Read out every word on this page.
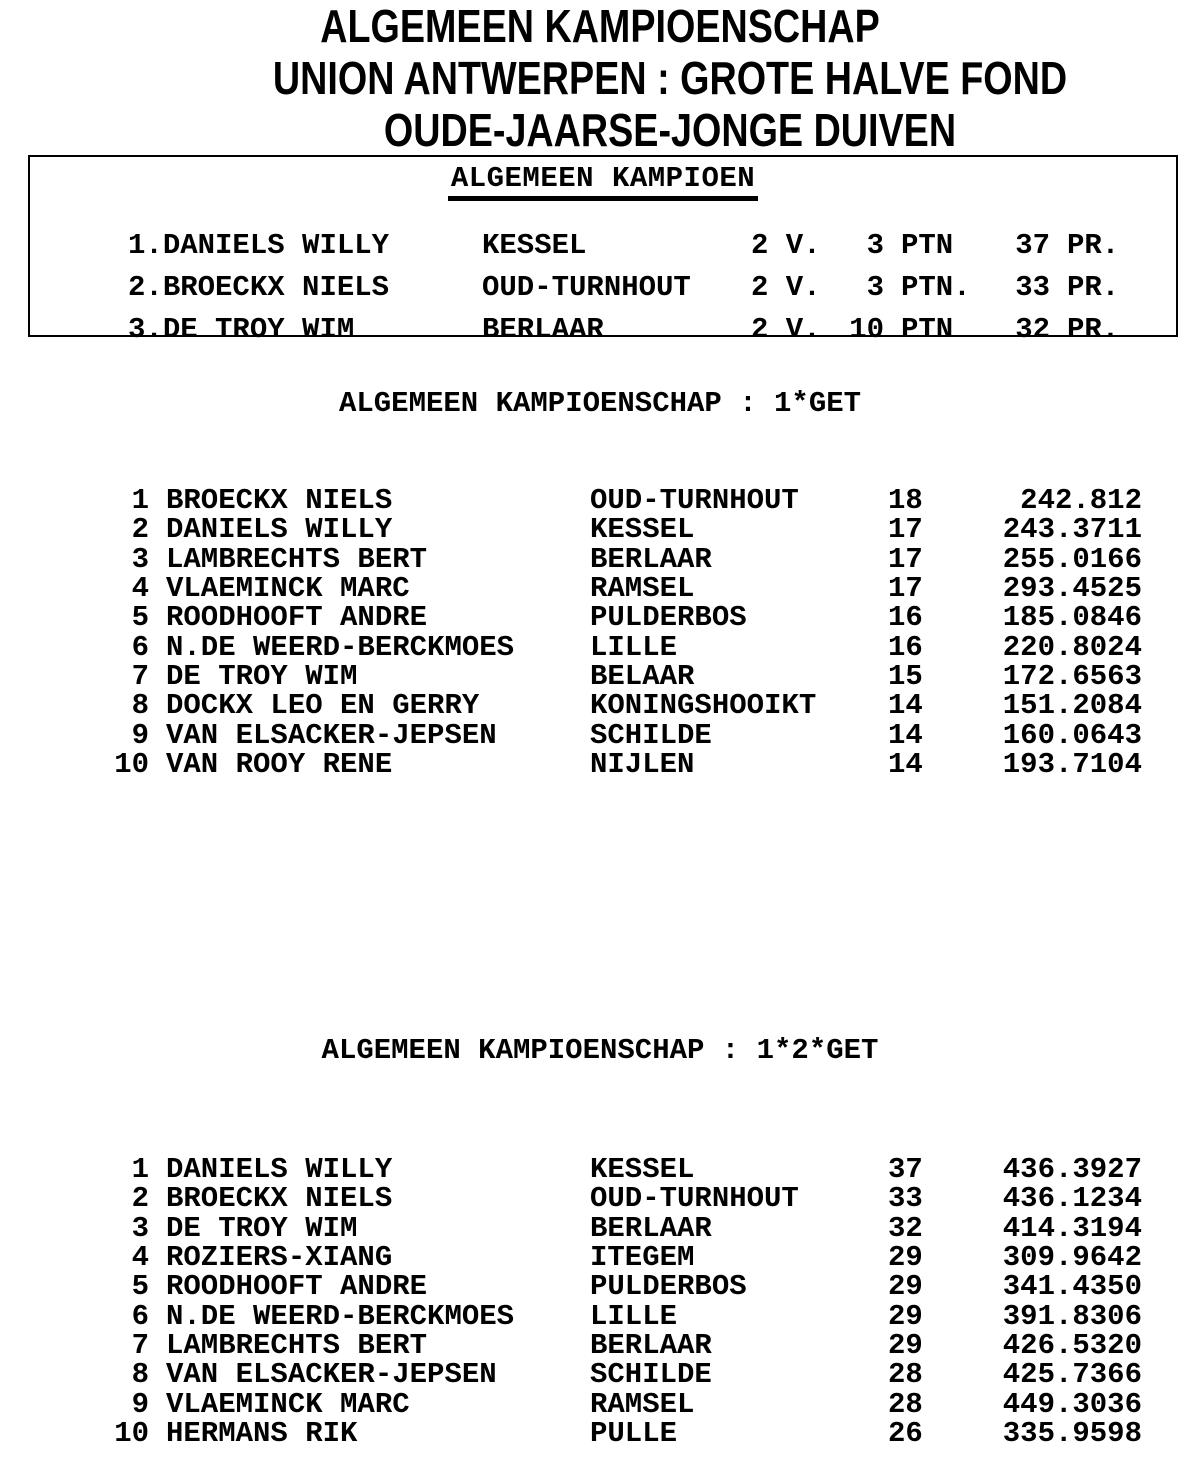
ALGEMEEN KAMPIOENSCHAP
UNION ANTWERPEN : GROTE HALVE FOND
OUDE-JAARSE-JONGE DUIVEN
ALGEMEEN KAMPIOEN
1.DANIELS WILLY	KESSEL	2 V.	3 PTN	37 PR.
2.BROECKX NIELS	OUD-TURNHOUT	2 V.	3 PTN.	33 PR.
3.DE TROY WIM	BERLAAR	2 V. 10 PTN	32 PR.
ALGEMEEN KAMPIOENSCHAP : 1*GET
1 BROECKX NIELS	OUD-TURNHOUT	18	242.812
2 DANIELS WILLY	KESSEL	17	243.3711
3 LAMBRECHTS BERT	BERLAAR	17	255.0166
4 VLAEMINCK MARC	RAMSEL	17	293.4525
5 ROODHOOFT ANDRE	PULDERBOS	16	185.0846
6 N.DE WEERD-BERCKMOES	LILLE	16	220.8024
7 DE TROY WIM	BELAAR	15	172.6563
8 DOCKX LEO EN GERRY	KONINGSHOOIKT	14	151.2084
9 VAN ELSACKER-JEPSEN	SCHILDE	14	160.0643
10 VAN ROOY RENE	NIJLEN	14	193.7104
ALGEMEEN KAMPIOENSCHAP : 1*2*GET
1 DANIELS WILLY	KESSEL	37	436.3927
2 BROECKX NIELS	OUD-TURNHOUT	33	436.1234
3 DE TROY WIM	BERLAAR	32	414.3194
4 ROZIERS-XIANG	ITEGEM	29	309.9642
5 ROODHOOFT ANDRE	PULDERBOS	29	341.4350
6 N.DE WEERD-BERCKMOES	LILLE	29	391.8306
7 LAMBRECHTS BERT	BERLAAR	29	426.5320
8 VAN ELSACKER-JEPSEN	SCHILDE	28	425.7366
9 VLAEMINCK MARC	RAMSEL	28	449.3036
10 HERMANS RIK	PULLE	26	335.9598
